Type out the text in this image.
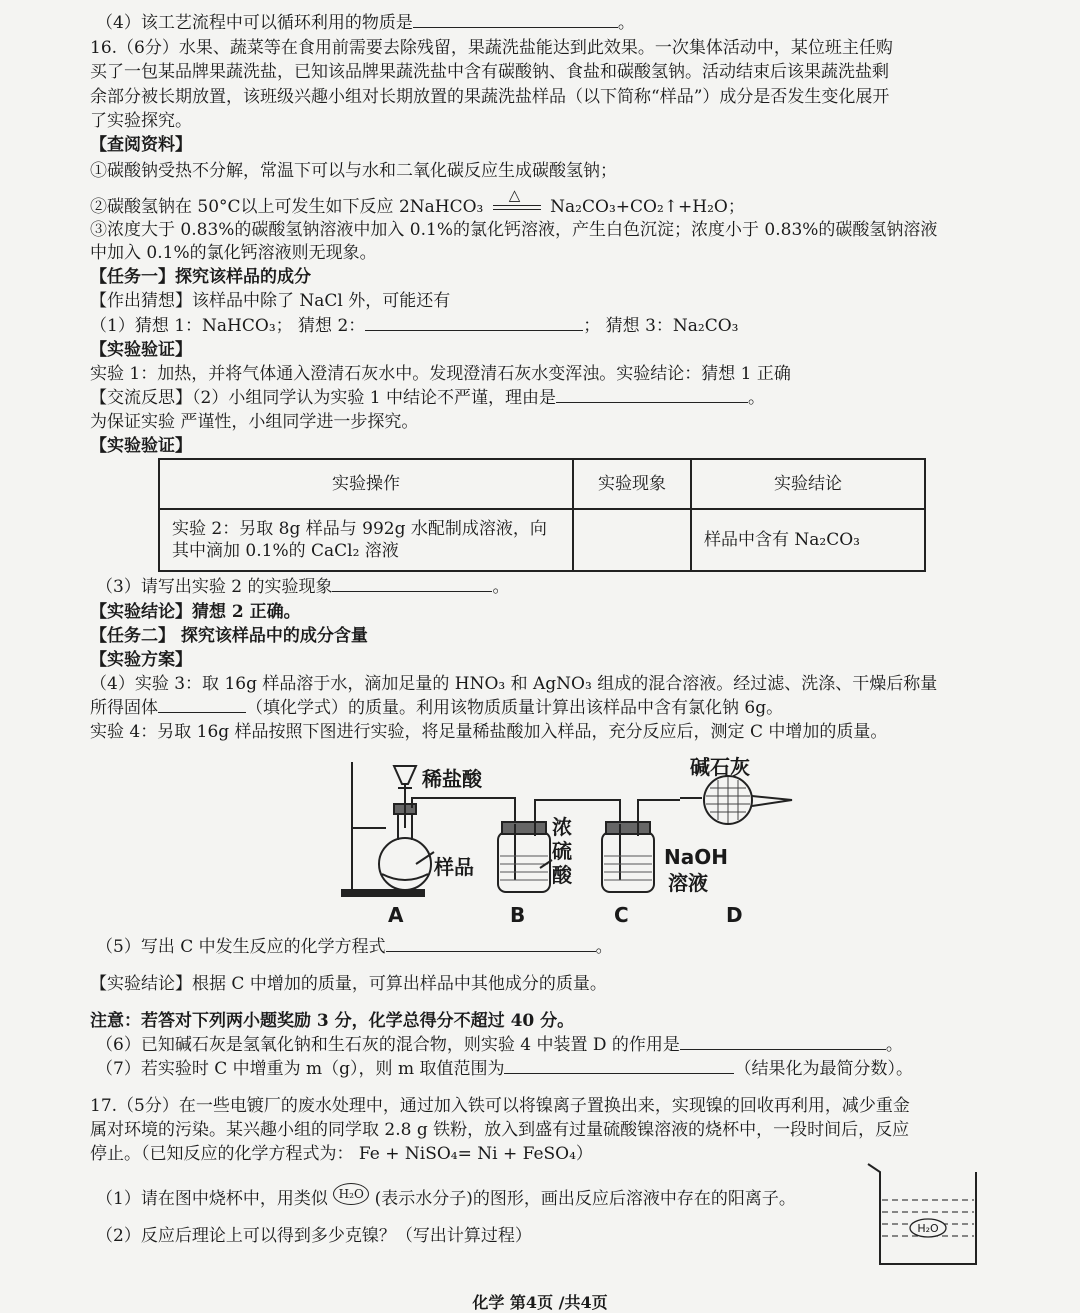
（4）该工艺流程中可以循环利用的物质是	。
16.（6分）水果、蔬菜等在食用前需要去除残留，果蔬洗盐能达到此效果。一次集体活动中，某位班主任购
买了一包某品牌果蔬洗盐，已知该品牌果蔬洗盐中含有碳酸钠、食盐和碳酸氢钠。活动结束后该果蔬洗盐剩
余部分被长期放置，该班级兴趣小组对长期放置的果蔬洗盐样品（以下简称“样品”）成分是否发生变化展开
了实验探究。
【查阅资料】
①碳酸钠受热不分解，常温下可以与水和二氧化碳反应生成碳酸氢钠；
②碳酸氢钠在 50°C以上可发生如下反应 2NaHCO₃
△
Na₂CO₃+CO₂↑+H₂O；
③浓度大于 0.83%的碳酸氢钠溶液中加入 0.1%的氯化钙溶液，产生白色沉淀；浓度小于 0.83%的碳酸氢钠溶液
中加入 0.1%的氯化钙溶液则无现象。
【任务一】探究该样品的成分
【作出猜想】该样品中除了 NaCl 外，可能还有
（1）猜想 1：NaHCO₃； 猜想 2：	； 猜想 3：Na₂CO₃
【实验验证】
实验 1：加热，并将气体通入澄清石灰水中。发现澄清石灰水变浑浊。实验结论：猜想 1 正确
【交流反思】（2）小组同学认为实验 1 中结论不严谨，理由是	。
为保证实验 严谨性，小组同学进一步探究。
【实验验证】
实验操作	实验现象	实验结论

实验 2：另取 8g 样品与 992g 水配制成溶液，向
其中滴加 0.1%的 CaCl₂ 溶液		样品中含有 Na₂CO₃
（3）请写出实验 2 的实验现象	。
【实验结论】猜想 2 正确。
【任务二】 探究该样品中的成分含量
【实验方案】
（4）实验 3：取 16g 样品溶于水，滴加足量的 HNO₃ 和 AgNO₃ 组成的混合溶液。经过滤、洗涤、干燥后称量
所得固体	（填化学式）的质量。利用该物质质量计算出该样品中含有氯化钠 6g。
实验 4：另取 16g 样品按照下图进行实验，将足量稀盐酸加入样品，充分反应后，测定 C 中增加的质量。
稀盐酸
样品
浓
硫
酸
NaOH
溶液
碱石灰
A	B	C	D
（5）写出 C 中发生反应的化学方程式	。
【实验结论】根据 C 中增加的质量，可算出样品中其他成分的质量。
注意：若答对下列两小题奖励 3 分，化学总得分不超过 40 分。
（6）已知碱石灰是氢氧化钠和生石灰的混合物，则实验 4 中装置 D 的作用是	。
（7）若实验时 C 中增重为 m（g），则 m 取值范围为	（结果化为最简分数）。
17.（5分）在一些电镀厂的废水处理中，通过加入铁可以将镍离子置换出来，实现镍的回收再利用，减少重金
属对环境的污染。某兴趣小组的同学取 2.8 g 铁粉，放入到盛有过量硫酸镍溶液的烧杯中，一段时间后，反应
停止。（已知反应的化学方程式为： Fe + NiSO₄= Ni + FeSO₄）
（1）请在图中烧杯中，用类似 H₂O (表示水分子)的图形，画出反应后溶液中存在的阳离子。
（2）反应后理论上可以得到多少克镍？（写出计算过程）	H₂O
化学 第4页 /共4页
